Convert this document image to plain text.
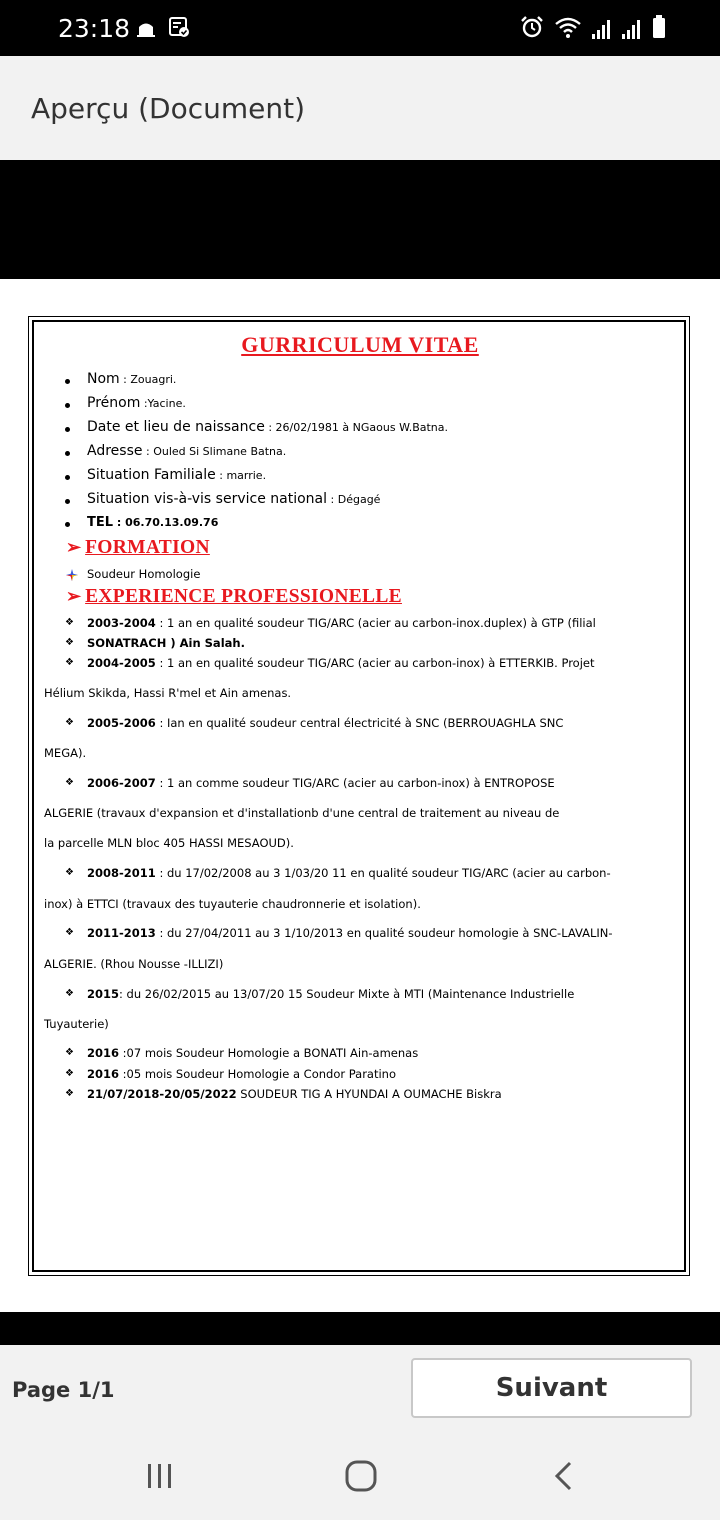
23:18
Aperçu (Document)
GURRICULUM VITAE
Nom : Zouagri.
Prénom :Yacine.
Date et lieu de naissance : 26/02/1981 à NGaous W.Batna.
Adresse : Ouled Si Slimane Batna.
Situation Familiale : marrie.
Situation vis-à-vis service national : Dégagé
TEL : 06.70.13.09.76
➢ FORMATION
Soudeur Homologie
➢ EXPERIENCE PROFESSIONELLE
❖ 2003-2004 : 1 an en qualité soudeur TIG/ARC (acier au carbon-inox.duplex) à GTP (filial
❖ SONATRACH ) Ain Salah.
❖ 2004-2005 : 1 an en qualité soudeur TIG/ARC (acier au carbon-inox) à ETTERKIB. Projet
Hélium Skikda, Hassi R'mel et Ain amenas.
❖ 2005-2006 : Ian en qualité soudeur central électricité à SNC (BERROUAGHLA SNC
MEGA).
❖ 2006-2007 : 1 an comme soudeur TIG/ARC (acier au carbon-inox) à ENTROPOSE
ALGERIE (travaux d'expansion et d'installationb d'une central de traitement au niveau de
la parcelle MLN bloc 405 HASSI MESAOUD).
❖ 2008-2011 : du 17/02/2008 au 3 1/03/20 11 en qualité soudeur TIG/ARC (acier au carbon-
inox) à ETTCI (travaux des tuyauterie chaudronnerie et isolation).
❖ 2011-2013 : du 27/04/2011 au 3 1/10/2013 en qualité soudeur homologie à SNC-LAVALIN-
ALGERIE. (Rhou Nousse -ILLIZI)
❖ 2015: du 26/02/2015 au 13/07/20 15 Soudeur Mixte à MTI (Maintenance Industrielle
Tuyauterie)
❖ 2016 :07 mois Soudeur Homologie a BONATI Ain-amenas
❖ 2016 :05 mois Soudeur Homologie a Condor Paratino
❖ 21/07/2018-20/05/2022 SOUDEUR TIG A HYUNDAI A OUMACHE Biskra
Page 1/1	Suivant
